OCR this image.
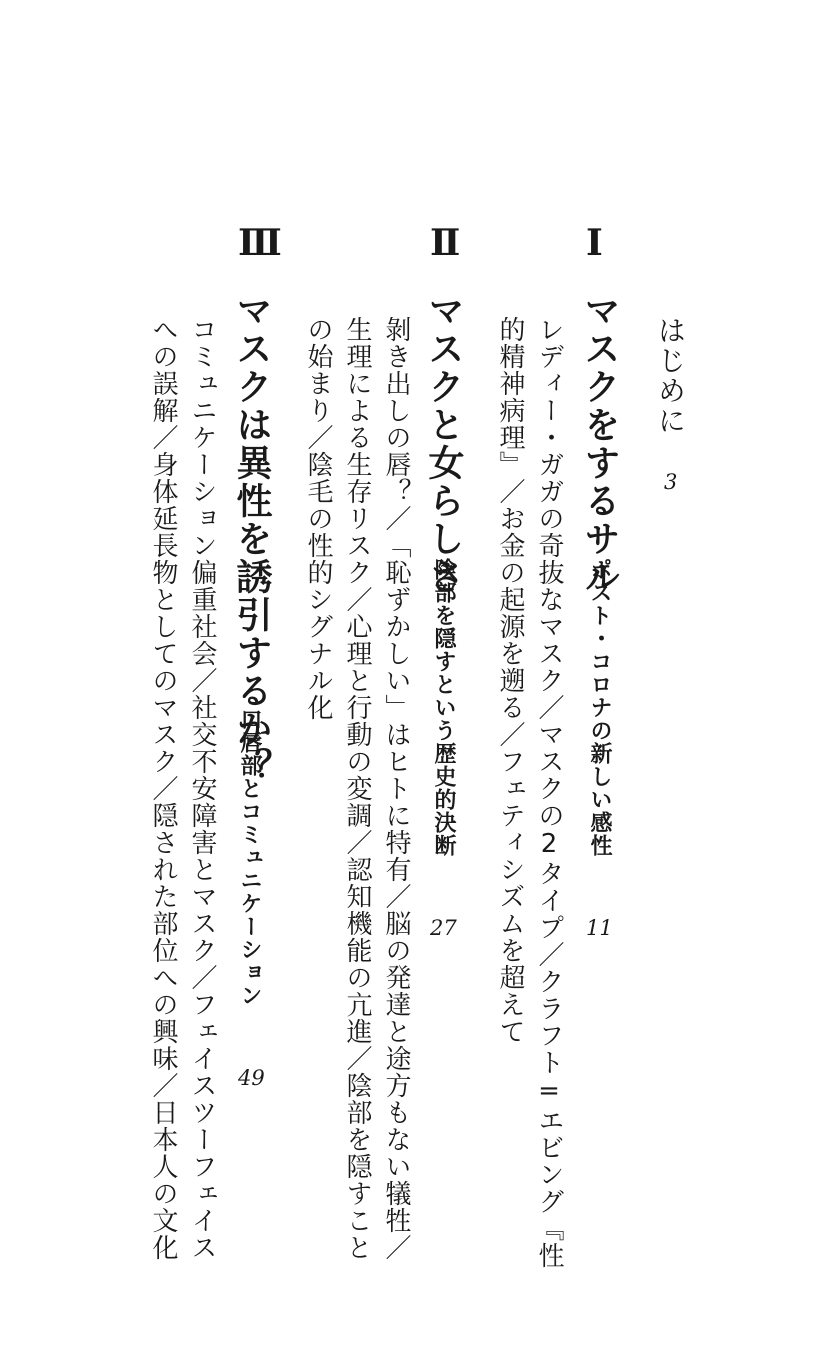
はじめに
3
Ⅰ
マスクをするサル
ポスト・コロナの新しい感性
11
レディー・ガガの奇抜なマスク／マスクの2タイプ／クラフト=エビング『性
的精神病理』／お金の起源を遡る／フェティシズムを超えて
Ⅱ
マスクと女らしさ
陰部を隠すという歴史的決断
27
剝き出しの唇？／「恥ずかしい」はヒトに特有／脳の発達と途方もない犠牲／
生理による生存リスク／心理と行動の変調／認知機能の亢進／陰部を隠すこと
の始まり／陰毛の性的シグナル化
Ⅲ
マスクは異性を誘引するか？
口唇部とコミュニケーション
49
コミュニケーション偏重社会／社交不安障害とマスク／フェイスツーフェイス
への誤解／身体延長物としてのマスク／隠された部位への興味／日本人の文化
